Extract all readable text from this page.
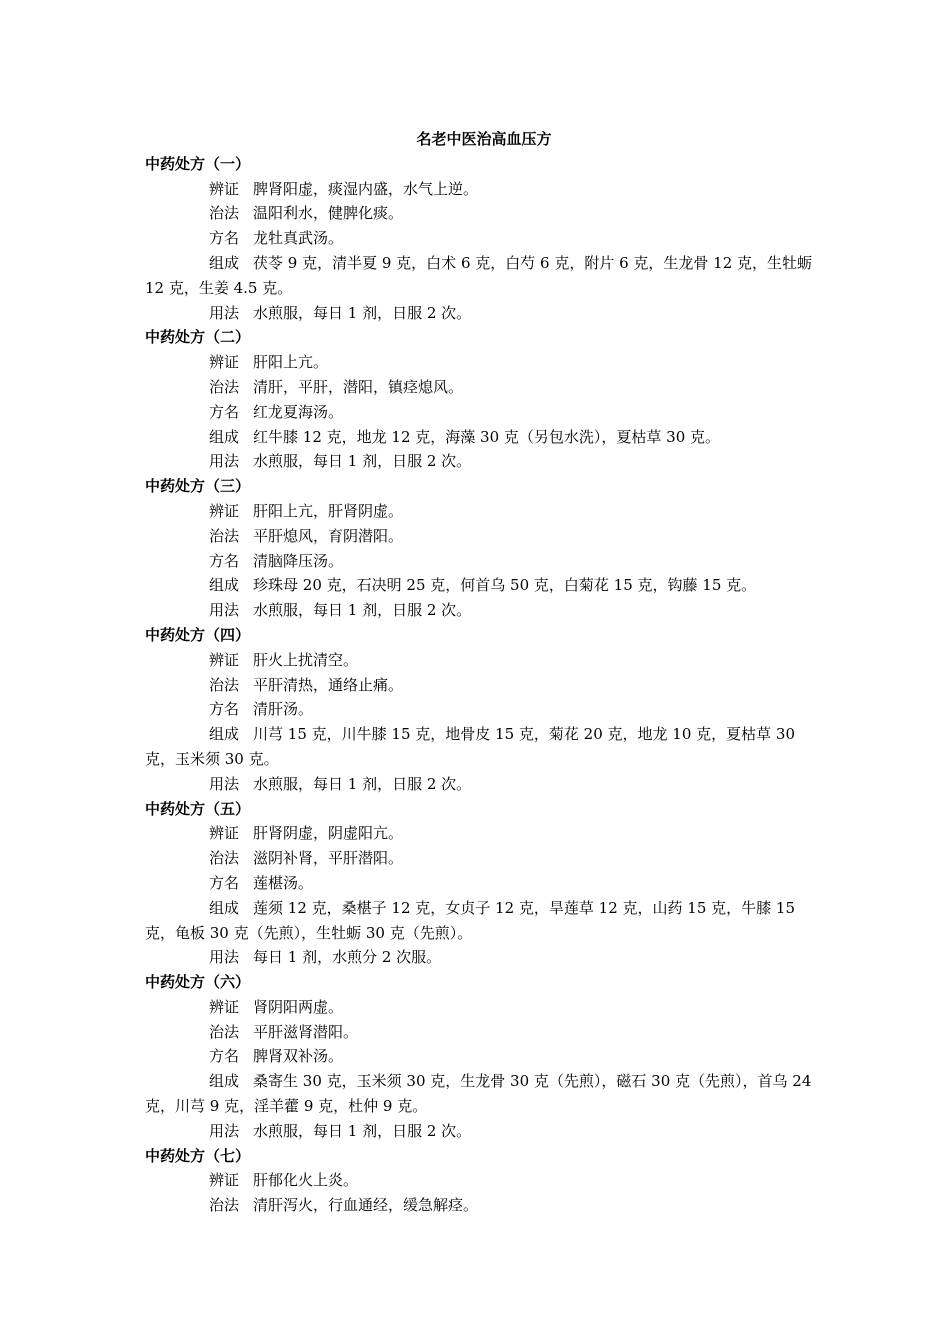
名老中医治高血压方

中药处方（一）

辨证 脾肾阳虚，痰湿内盛，水气上逆。

治法 温阳利水，健脾化痰。

方名 龙牡真武汤。

组成 茯苓 9 克，清半夏 9 克，白术 6 克，白芍 6 克，附片 6 克，生龙骨 12 克，生牡蛎 12 克，生姜 4.5 克。

用法 水煎服，每日 1 剂，日服 2 次。

中药处方（二）

辨证 肝阳上亢。

治法 清肝，平肝，潜阳，镇痉熄风。

方名 红龙夏海汤。

组成 红牛膝 12 克，地龙 12 克，海藻 30 克（另包水洗），夏枯草 30 克。

用法 水煎服，每日 1 剂，日服 2 次。

中药处方（三）

辨证 肝阳上亢，肝肾阴虚。

治法 平肝熄风，育阴潜阳。

方名 清脑降压汤。

组成 珍珠母 20 克，石决明 25 克，何首乌 50 克，白菊花 15 克，钩藤 15 克。

用法 水煎服，每日 1 剂，日服 2 次。

中药处方（四）

辨证 肝火上扰清空。

治法 平肝清热，通络止痛。

方名 清肝汤。

组成 川芎 15 克，川牛膝 15 克，地骨皮 15 克，菊花 20 克，地龙 10 克，夏枯草 30 克，玉米须 30 克。

用法 水煎服，每日 1 剂，日服 2 次。

中药处方（五）

辨证 肝肾阴虚，阴虚阳亢。

治法 滋阴补肾，平肝潜阳。

方名 莲椹汤。

组成 莲须 12 克，桑椹子 12 克，女贞子 12 克，旱莲草 12 克，山药 15 克，牛膝 15 克，龟板 30 克（先煎），生牡蛎 30 克（先煎）。

用法 每日 1 剂，水煎分 2 次服。

中药处方（六）

辨证 肾阴阳两虚。

治法 平肝滋肾潜阳。

方名 脾肾双补汤。

组成 桑寄生 30 克，玉米须 30 克，生龙骨 30 克（先煎），磁石 30 克（先煎），首乌 24 克，川芎 9 克，淫羊藿 9 克，杜仲 9 克。

用法 水煎服，每日 1 剂，日服 2 次。

中药处方（七）

辨证 肝郁化火上炎。

治法 清肝泻火，行血通经，缓急解痉。
